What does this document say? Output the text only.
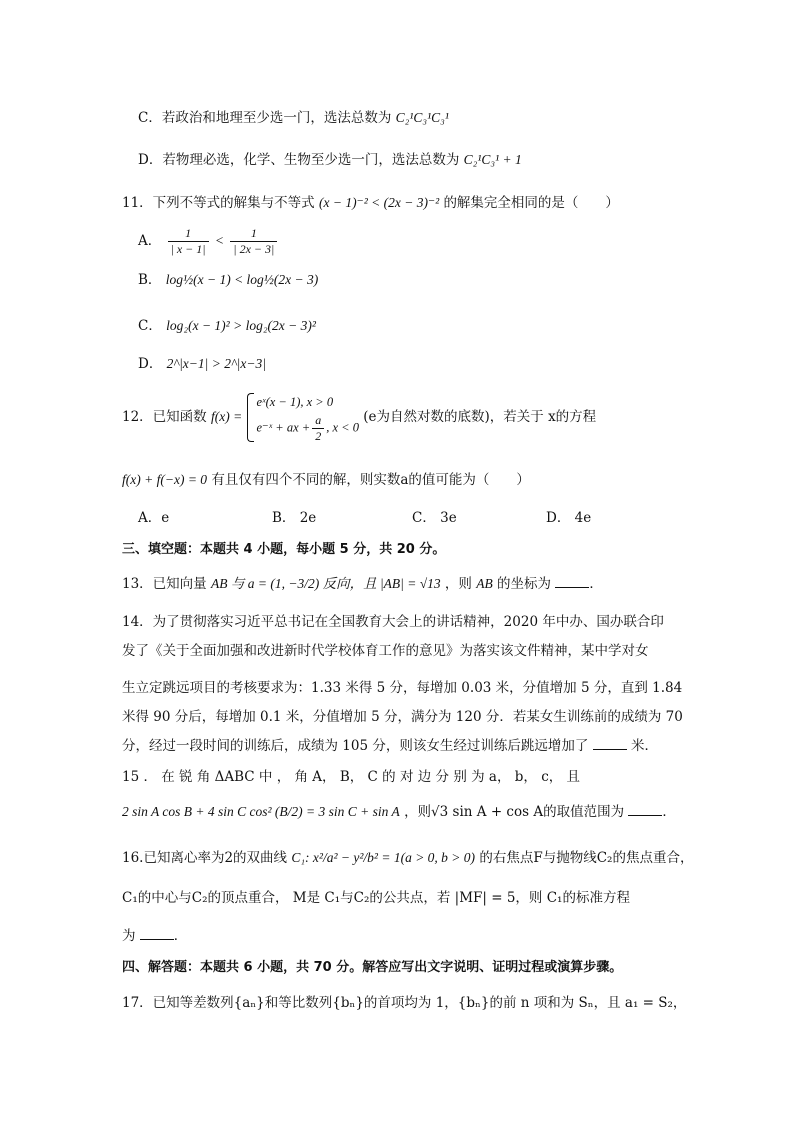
C．若政治和地理至少选一门，选法总数为 C₂¹C₃¹C₃¹
D．若物理必选，化学、生物至少选一门，选法总数为 C₂¹C₃¹ + 1
11．下列不等式的解集与不等式 (x − 1)⁻² < (2x − 3)⁻² 的解集完全相同的是（　　）
A． $\frac{1}{| x - 1|} < \frac{1}{| 2x - 3|}$
B． log½(x − 1) < log½(2x − 3)
C． log₂(x − 1)² > log₂(2x − 3)²
D． 2^|x−1| > 2^|x−3|
12．已知函数 f(x) =
eˣ(x − 1), x > 0
e⁻ˣ + ax + $\frac{a}{2}$ , x < 0
(e为自然对数的底数)，若关于 x的方程
f(x) + f(−x) = 0 有且仅有四个不同的解，则实数a的值可能为（　　）
A．e	B． 2e	C． 3e	D． 4e
三、填空题：本题共 4 小题，每小题 5 分，共 20 分。
13．已知向量 AB 与 a = (1, −3/2) 反向，且 |AB| = √13 ，则 AB 的坐标为	．
14．为了贯彻落实习近平总书记在全国教育大会上的讲话精神，2020 年中办、国办联合印
发了《关于全面加强和改进新时代学校体育工作的意见》为落实该文件精神，某中学对女
生立定跳远项目的考核要求为：1.33 米得 5 分，每增加 0.03 米，分值增加 5 分，直到 1.84
米得 90 分后，每增加 0.1 米，分值增加 5 分，满分为 120 分．若某女生训练前的成绩为 70
分，经过一段时间的训练后，成绩为 105 分，则该女生经过训练后跳远增加了	米．
15 ． 在 锐 角 ΔABC 中 ， 角 A， B， C 的 对 边 分 别 为 a， b， c， 且
2 sin A cos B + 4 sin C cos² (B/2) = 3 sin C + sin A ，则√3 sin A + cos A的取值范围为	．
16.已知离心率为2的双曲线 C₁: x²/a² − y²/b² = 1(a > 0, b > 0) 的右焦点F与抛物线C₂的焦点重合，
C₁的中心与C₂的顶点重合， M是 C₁与C₂的公共点，若 |MF| = 5，则 C₁的标准方程
为	．
四、解答题：本题共 6 小题，共 70 分。解答应写出文字说明、证明过程或演算步骤。
17．已知等差数列{aₙ}和等比数列{bₙ}的首项均为 1，{bₙ}的前 n 项和为 Sₙ，且 a₁ = S₂，
